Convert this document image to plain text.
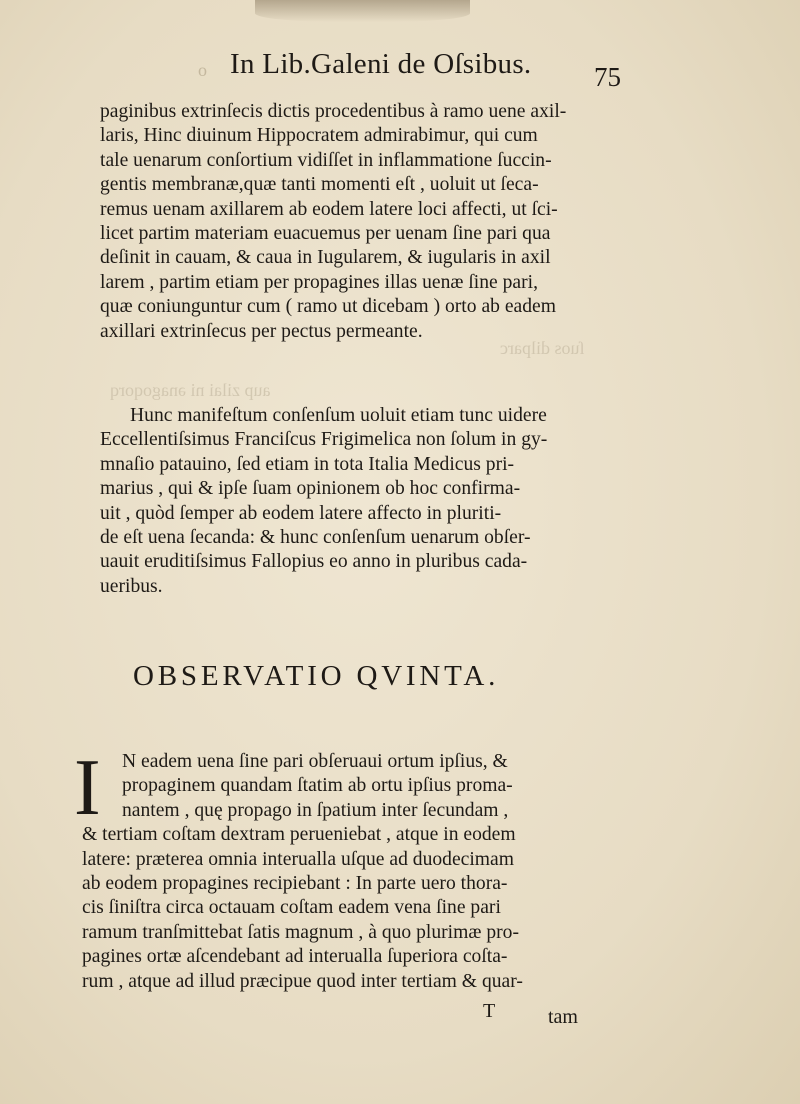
o In Lib.Galeni de Oſsibus. 75
paginibus extrinſecis dictis procedentibus à ramo uene axil-
laris, Hinc diuinum Hippocratem admirabimur, qui cum
tale uenarum conſortium vidiſſet in inflammatione ſuccin-
gentis membranæ,quæ tanti momenti eſt , uoluit ut ſeca-
remus uenam axillarem ab eodem latere loci affecti, ut ſci-
licet partim materiam euacuemus per uenam ſine pari qua
deſinit in cauam, & caua in Iugularem, & iugularis in axil
larem , partim etiam per propagines illas uenæ ſine pari,
quæ coniunguntur cum ( ramo ut dicebam ) orto ab eadem
axillari extrinſecus per pectus permeante.
ſuos dilparc
aup zilai ni ənagoqorq
Hunc manifeſtum conſenſum uoluit etiam tunc uidere
Eccellentiſsimus Franciſcus Frigimelica non ſolum in gy-
mnaſio patauino, ſed etiam in tota Italia Medicus pri-
marius , qui & ipſe ſuam opinionem ob hoc confirma-
uit , quòd ſemper ab eodem latere affecto in pluriti-
de eſt uena ſecanda: & hunc conſenſum uenarum obſer-
uauit eruditiſsimus Fallopius eo anno in pluribus cada-
ueribus.
OBSERVATIO QVINTA.
I N eadem uena ſine pari obſeruaui ortum ipſius, &
propaginem quandam ſtatim ab ortu ipſius proma-
nantem , quę propago in ſpatium inter ſecundam ,
& tertiam coſtam dextram perueniebat , atque in eodem
latere: præterea omnia interualla uſque ad duodecimam
ab eodem propagines recipiebant : In parte uero thora-
cis ſiniſtra circa octauam coſtam eadem vena ſine pari
ramum tranſmittebat ſatis magnum , à quo plurimæ pro-
pagines ortæ aſcendebant ad interualla ſuperiora coſta-
rum , atque ad illud præcipue quod inter tertiam & quar-
T	tam
